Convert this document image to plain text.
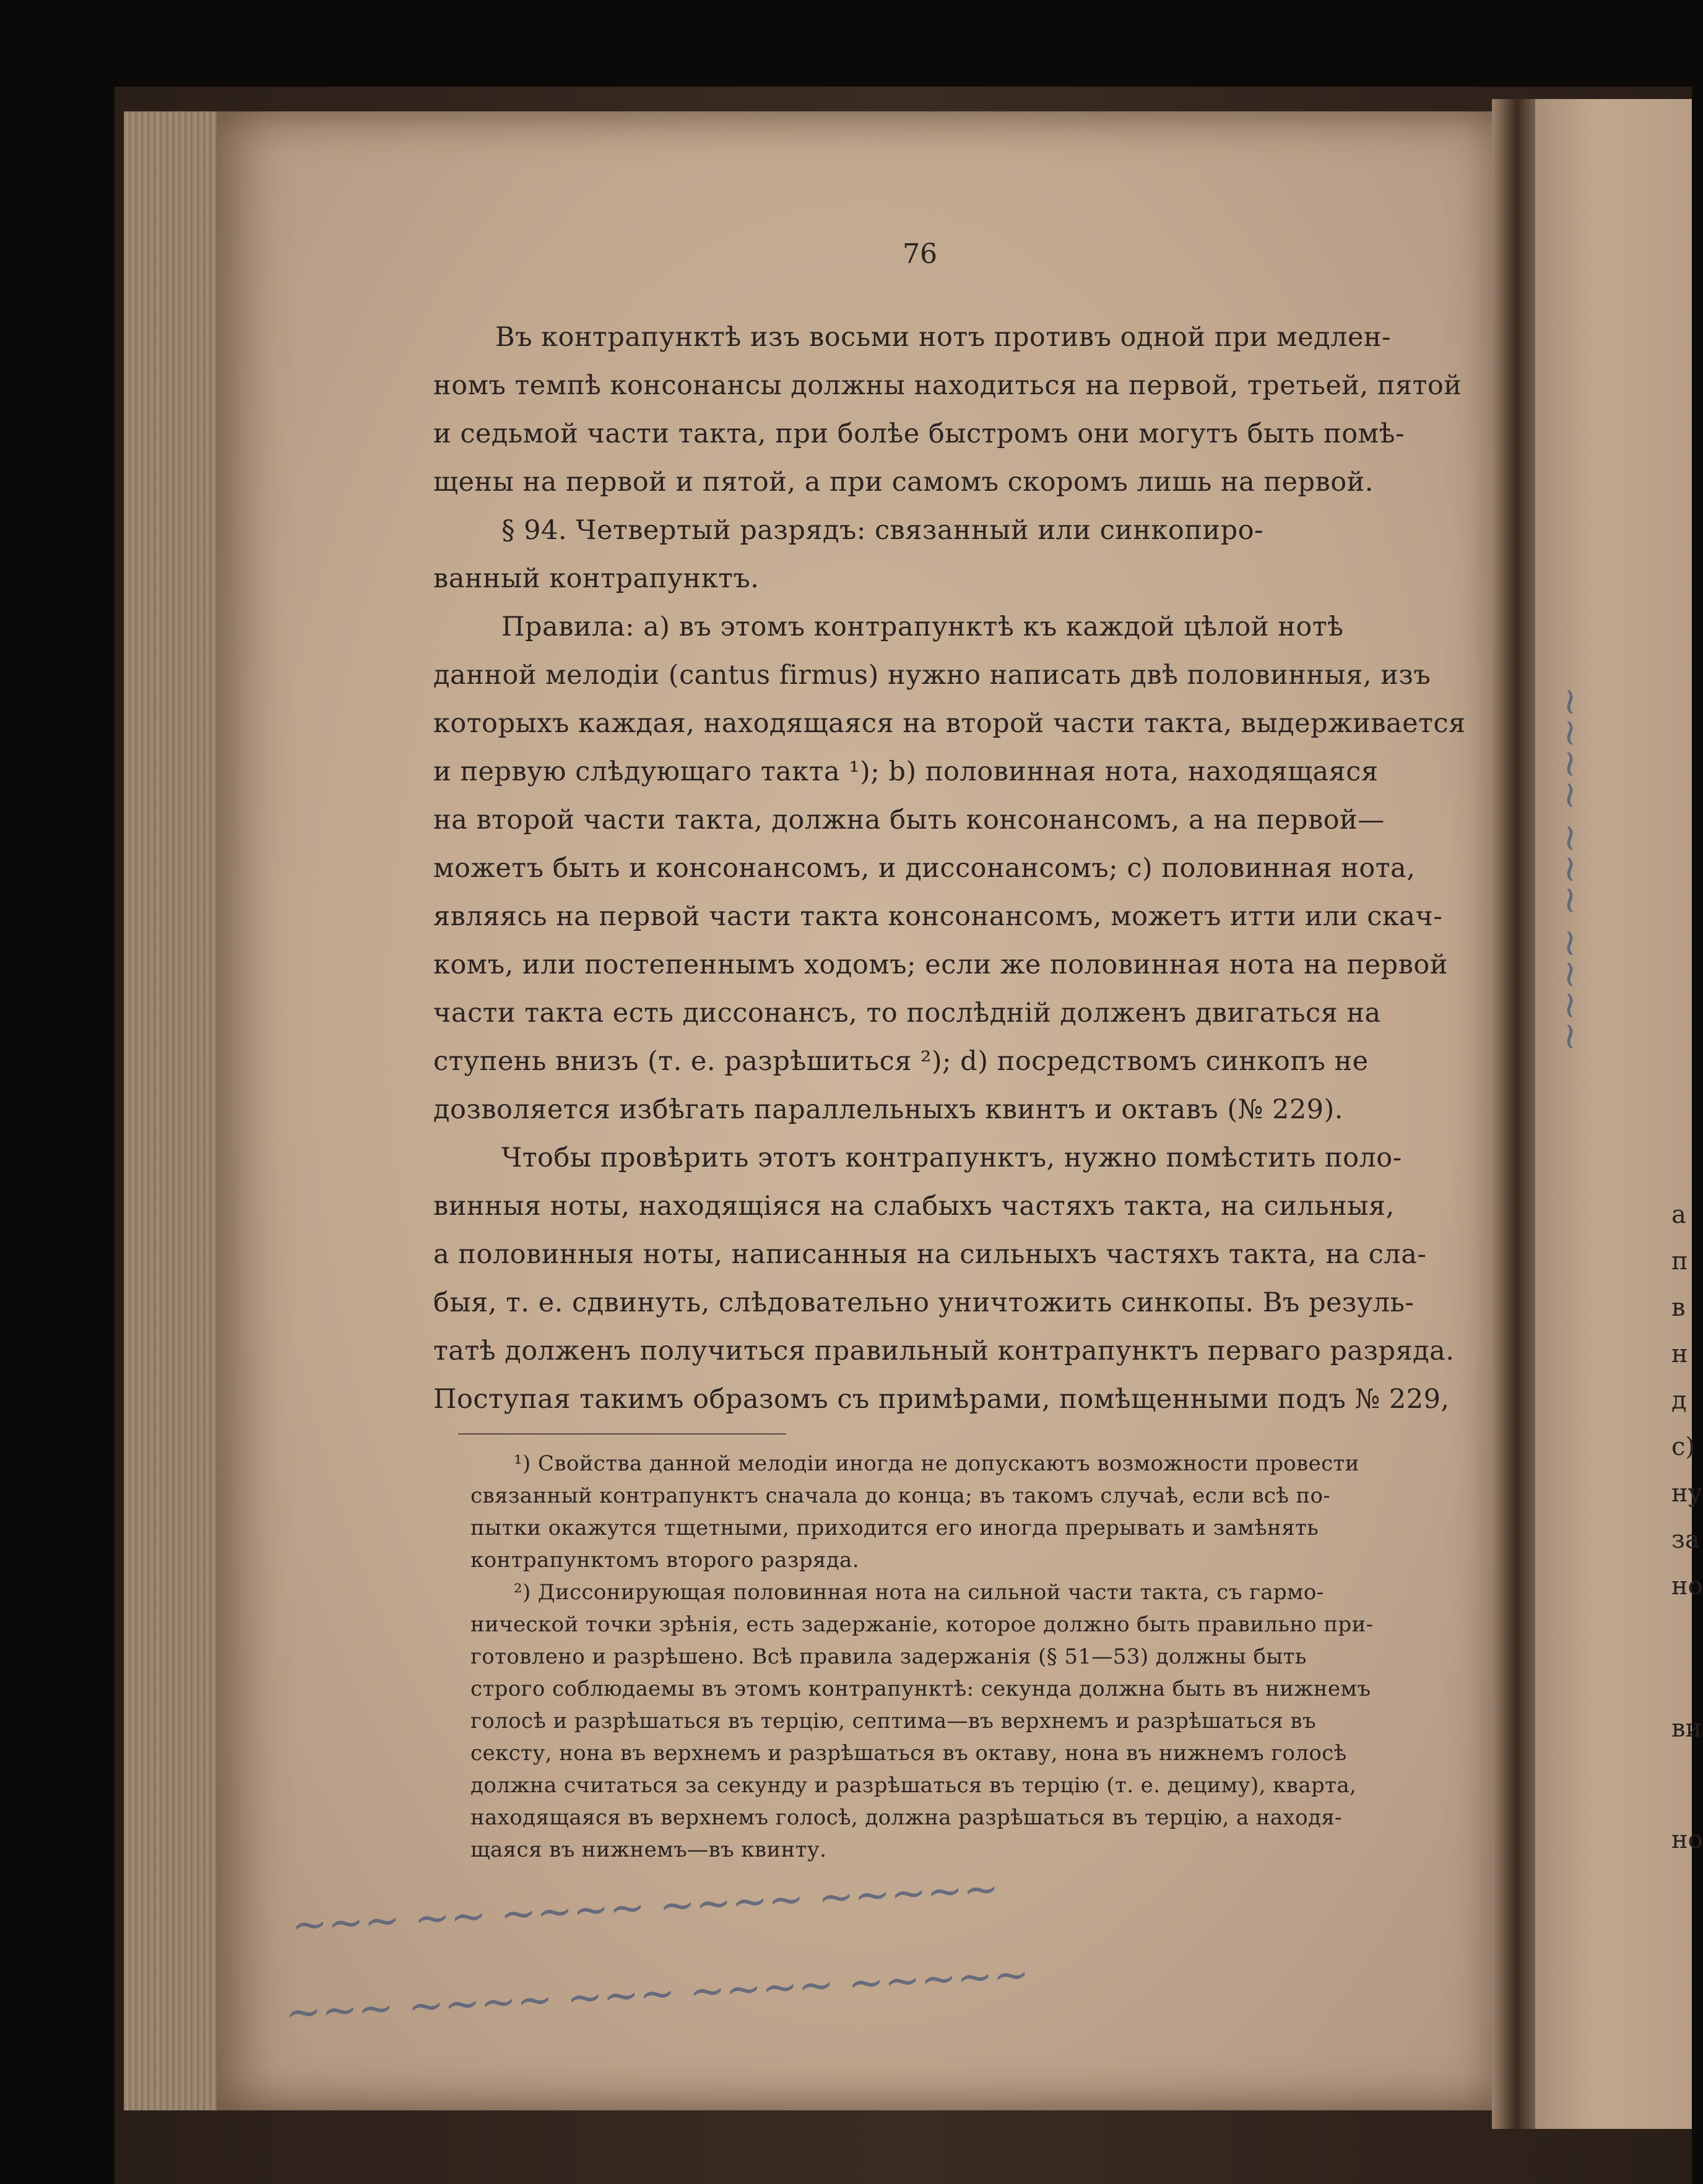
76
Въ контрапунктѣ изъ восьми нотъ противъ одной при медлен-
номъ темпѣ консонансы должны находиться на первой, третьей, пятой
и седьмой части такта, при болѣе быстромъ они могутъ быть помѣ-
щены на первой и пятой, а при самомъ скоромъ лишь на первой.
§ 94. Четвертый разрядъ: связанный или синкопиро-
ванный контрапунктъ.
Правила: а) въ этомъ контрапунктѣ къ каждой цѣлой нотѣ
данной мелодіи (cantus firmus) нужно написать двѣ половинныя, изъ
которыхъ каждая, находящаяся на второй части такта, выдерживается
и первую слѣдующаго такта ¹); b) половинная нота, находящаяся
на второй части такта, должна быть консонансомъ, а на первой—
можетъ быть и консонансомъ, и диссонансомъ; с) половинная нота,
являясь на первой части такта консонансомъ, можетъ итти или скач-
комъ, или постепеннымъ ходомъ; если же половинная нота на первой
части такта есть диссонансъ, то послѣдній долженъ двигаться на
ступень внизъ (т. е. разрѣшиться ²); d) посредствомъ синкопъ не
дозволяется избѣгать параллельныхъ квинтъ и октавъ (№ 229).
Чтобы провѣрить этотъ контрапунктъ, нужно помѣстить поло-
винныя ноты, находящіяся на слабыхъ частяхъ такта, на сильныя,
а половинныя ноты, написанныя на сильныхъ частяхъ такта, на сла-
быя, т. е. сдвинуть, слѣдовательно уничтожить синкопы. Въ резуль-
татѣ долженъ получиться правильный контрапунктъ перваго разряда.
Поступая такимъ образомъ съ примѣрами, помѣщенными подъ № 229,
¹) Свойства данной мелодіи иногда не допускаютъ возможности провести
связанный контрапунктъ сначала до конца; въ такомъ случаѣ, если всѣ по-
пытки окажутся тщетными, приходится его иногда прерывать и замѣнять
контрапунктомъ второго разряда.
²) Диссонирующая половинная нота на сильной части такта, съ гармо-
нической точки зрѣнія, есть задержаніе, которое должно быть правильно при-
готовлено и разрѣшено. Всѣ правила задержанія (§ 51—53) должны быть
строго соблюдаемы въ этомъ контрапунктѣ: секунда должна быть въ нижнемъ
голосѣ и разрѣшаться въ терцію, септима—въ верхнемъ и разрѣшаться въ
сексту, нона въ верхнемъ и разрѣшаться въ октаву, нона въ нижнемъ голосѣ
должна считаться за секунду и разрѣшаться въ терцію (т. е. дециму), кварта,
находящаяся въ верхнемъ голосѣ, должна разрѣшаться въ терцію, а находя-
щаяся въ нижнемъ—въ квинту.
а
п
в
н
д
с)
ну
за
но
ви
но
~~~ ~~ ~~~~ ~~~~ ~~~~~
~~~ ~~~~ ~~~ ~~~~ ~~~~~
~~~~ ~~~ ~~~~
